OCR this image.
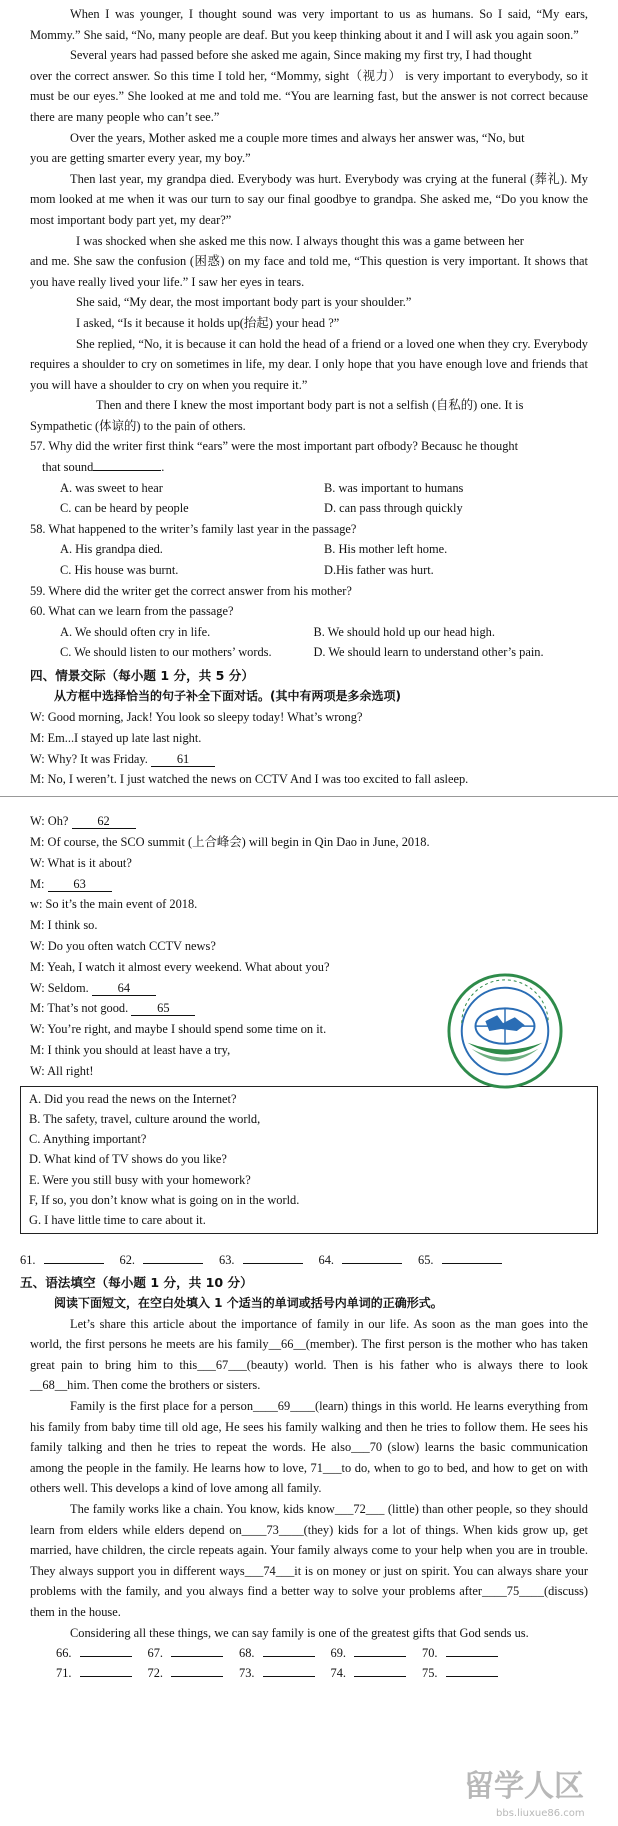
When I was younger, I thought sound was very important to us as humans. So I said, “My ears, Mommy.” She said, “No, many people are deaf. But you keep thinking about it and I will ask you again soon.”

Several years had passed before she asked me again, Since making my first try, I had thought

over the correct answer. So this time I told her, “Mommy, sight（视力） is very important to everybody, so it must be our eyes.” She looked at me and told me. “You are learning fast, but the answer is not correct because there are many people who can’t see.”

Over the years, Mother asked me a couple more times and always her answer was, “No, but

you are getting smarter every year, my boy.”

Then last year, my grandpa died. Everybody was hurt. Everybody was crying at the funeral (葬礼). My mom looked at me when it was our turn to say our final goodbye to grandpa. She asked me, “Do you know the most important body part yet, my dear?”

I was shocked when she asked me this now. I always thought this was a game between her

and me. She saw the confusion (困惑) on my face and told me, “This question is very important. It shows that you have really lived your life.” I saw her eyes in tears.

She said, “My dear, the most important body part is your shoulder.”

I asked, “Is it because it holds up(抬起) your head ?”

She replied, “No, it is because it can hold the head of a friend or a loved one when they cry. Everybody requires a shoulder to cry on sometimes in life, my dear. I only hope that you have enough love and friends that you will have a shoulder to cry on when you require it.”

Then and there I knew the most important body part is not a selfish (自私的) one. It is

Sympathetic (体谅的) to the pain of others.

57. Why did the writer first think “ears” were the most important part ofbody? Becausc he thought

that sound	.

A. was sweet to hear	B. was important to humans
C. can be heard by people	D. can pass through quickly

58. What happened to the writer’s family last year in the passage?

A. His grandpa died.	B. His mother left home.
C. His house was burnt.	D.His father was hurt.

59. Where did the writer get the correct answer from his mother?

60. What can we learn from the passage?

A. We should often cry in life.	B. We should hold up our head high.
C. We should listen to our mothers’ words.	D. We should learn to understand other’s pain.

四、情景交际（每小题 1 分，共 5 分）

从方框中选择恰当的句子补全下面对话。(其中有两项是多余选项)

W: Good morning, Jack! You look so sleepy today! What’s wrong?

M: Em...I stayed up late last night.

W: Why? It was Friday. 61

M: No, I weren’t. I just watched the news on CCTV And I was too excited to fall asleep.

W: Oh? 62

M: Of course, the SCO summit (上合峰会) will begin in Qin Dao in June, 2018.

W: What is it about?

M: 63

w: So it’s the main event of 2018.

M: I think so.

W: Do you often watch CCTV news?

M: Yeah, I watch it almost every weekend. What about you?

W: Seldom. 64

M: That’s not good. 65

W: You’re right, and maybe I should spend some time on it.

M: I think you should at least have a try,

W: All right!

A. Did you read the news on the Internet?

B. The safety, travel, culture around the world,

C. Anything important?

D. What kind of TV shows do you like?

E. Were you still busy with your homework?

F, If so, you don’t know what is going on in the world.

G. I have little time to care about it.

61.	62.	63.	64.	65.

五、语法填空（每小题 1 分，共 10 分）

阅读下面短文，在空白处填入 1 个适当的单词或括号内单词的正确形式。

Let’s share this article about the importance of family in our life. As soon as the man goes into the world, the first persons he meets are his family__66__(member). The first person is the mother who has taken great pain to bring him to this___67___(beauty) world. Then is his father who is always there to look __68__him. Then come the brothers or sisters.

Family is the first place for a person____69____(learn) things in this world. He learns everything from his family from baby time till old age, He sees his family walking and then he tries to follow them. He sees his family talking and then he tries to repeat the words. He also___70 (slow) learns the basic communication among the people in the family. He learns how to love, 71___to do, when to go to bed, and how to get on with others well. This develops a kind of love among all family.

The family works like a chain. You know, kids know___72___ (little) than other people, so they should learn from elders while elders depend on____73____(they) kids for a lot of things. When kids grow up, get married, have children, the circle repeats again. Your family always come to your help when you are in trouble. They always support you in different ways___74___it is on money or just on spirit. You can always share your problems with the family, and you always find a better way to solve your problems after____75____(discuss) them in the house.

Considering all these things, we can say family is one of the greatest gifts that God sends us.

66.	67.	68.	69.	70.

71.	72.	73.	74.	75.

留学人区
bbs.liuxue86.com
